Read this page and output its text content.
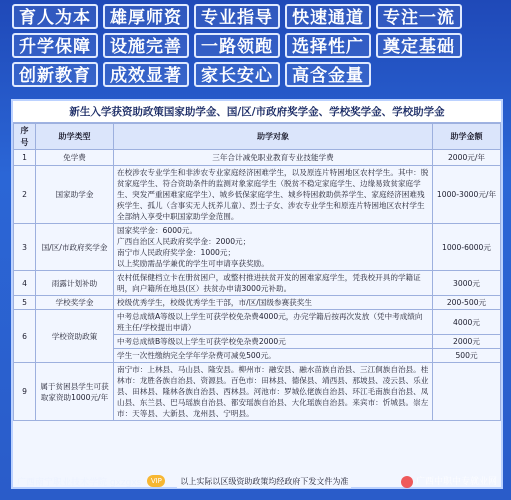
育人为本	雄厚师资	专业指导	快速通道	专注一流
升学保障	设施完善	一路领跑	选择性广	奠定基础
创新教育	成效显著	家长安心	高含金量
新生入学获资助政策国家助学金、国/区/市政府奖学金、学校奖学金、学校助学金
序号	助学类型	助学对象	助学金额
1	免学费	三年合计减免职业教育专业技能学费	2000元/年
2	国家助学金	在校涉农专业学生和非涉农专业家庭经济困难学生，以及原连片特困地区农村学生。其中：脱贫家庭学生、符合资助条件的监测对象家庭学生（脱贫不稳定家庭学生、边缘易致贫家庭学生、突发严重困难家庭学生）、城乡低保家庭学生、城乡特困救助供养学生、家庭经济困难残疾学生、孤儿（含事实无人抚养儿童）、烈士子女、涉农专业学生和原连片特困地区农村学生全部纳入享受中职国家助学金范围。	1000-3000元/年
3	国/区/市政府奖学金	国家奖学金：6000元。
广西自治区人民政府奖学金：2000元；
南宁市人民政府奖学金：1000元；
以上奖励需品学兼优的学生可申请享获奖励。	1000-6000元
4	雨露计划补助	农村低保健档立卡在册贫困户，或整村推进扶贫开发的困难家庭学生，凭我校开具的学籍证明，向户籍所在地县(区）扶贫办申请3000元补助。	3000元
5	学校奖学金	校级优秀学生，校级优秀学生干部，市/区/国级参赛获奖生	200-500元
6	学校资助政策	中考总成绩A等级以上学生可获学校免杂费4000元，办完学籍后按再次发放（凭中考成绩向班主任/学校提出申请）	4000元
		中考总成绩B等级以上学生可获学校免杂费2000元	2000元
		学生一次性缴纳完全学年学杂费可减免500元。	500元
9	属于贫困县学生可获取家资助1000元/年	南宁市：上林县、马山县、隆安县。柳州市：融安县、融水苗族自治县、三江侗族自治县。桂林市：龙胜各族自治县、资源县。百色市：田林县、德保县、靖西县、那坡县、凌云县、乐业县、田林县、隆林各族自治县、西林县。河池市：罗城仫佬族自治县、环江毛南族自治县、凤山县、东兰县、巴马瑶族自治县、都安瑶族自治县、大化瑶族自治县。来宾市：忻城县。崇左市：天等县、大新县、龙州县、宁明县。	
广西南宁职业技术学院 gxzgxs	VIP	以上实际以区级资助政策均经政府下发文件为准	广西中职中专就业网
